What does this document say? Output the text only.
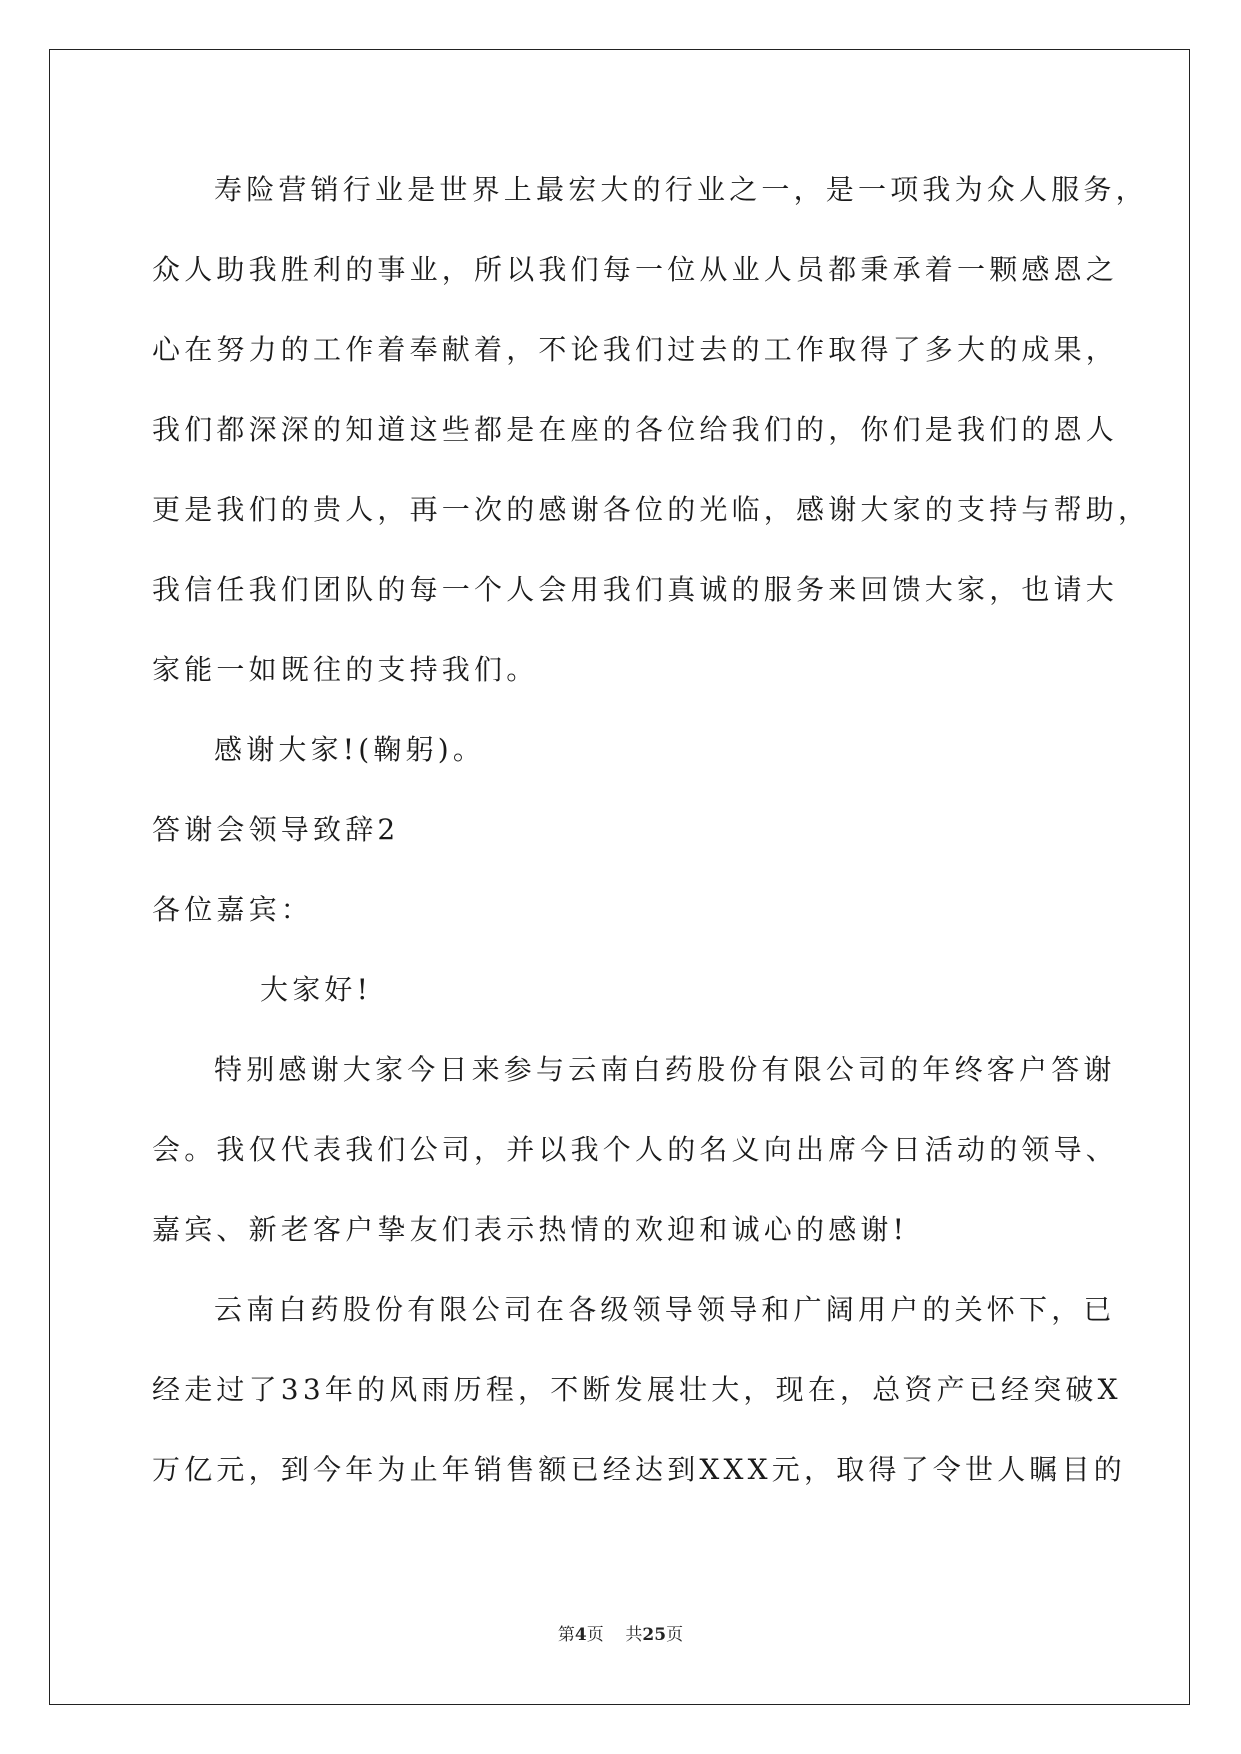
寿险营销行业是世界上最宏大的行业之一，是一项我为众人服务，
众人助我胜利的事业，所以我们每一位从业人员都秉承着一颗感恩之
心在努力的工作着奉献着，不论我们过去的工作取得了多大的成果，
我们都深深的知道这些都是在座的各位给我们的，你们是我们的恩人
更是我们的贵人，再一次的感谢各位的光临，感谢大家的支持与帮助，
我信任我们团队的每一个人会用我们真诚的服务来回馈大家，也请大
家能一如既往的支持我们。
感谢大家!(鞠躬)。
答谢会领导致辞2
各位嘉宾：
大家好!
特别感谢大家今日来参与云南白药股份有限公司的年终客户答谢
会。我仅代表我们公司，并以我个人的名义向出席今日活动的领导、
嘉宾、新老客户挚友们表示热情的欢迎和诚心的感谢!
云南白药股份有限公司在各级领导领导和广阔用户的关怀下，已
经走过了33年的风雨历程，不断发展壮大，现在，总资产已经突破X
万亿元，到今年为止年销售额已经达到XXX元，取得了令世人瞩目的
第4页 共25页
